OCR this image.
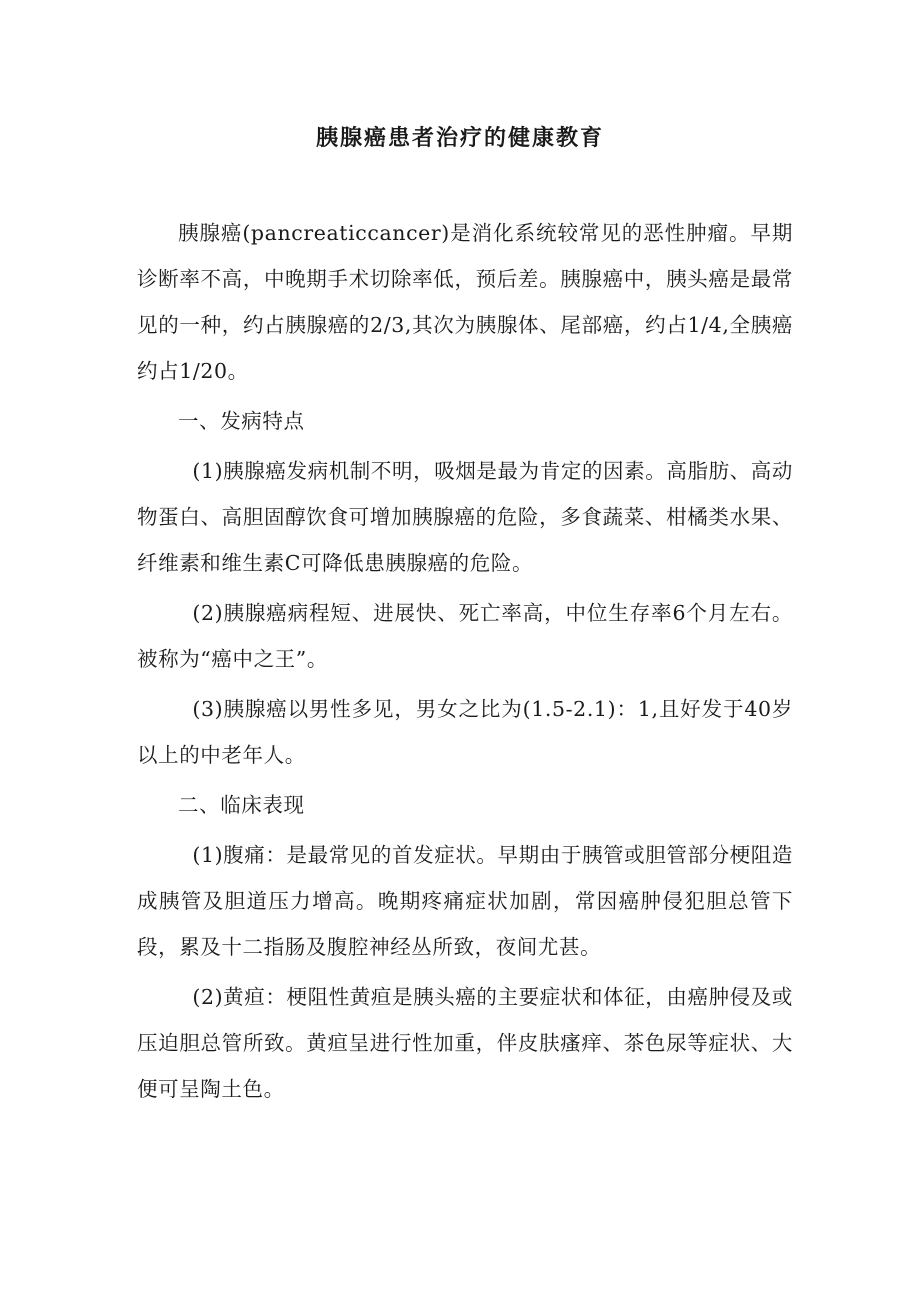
胰腺癌患者治疗的健康教育

胰腺癌(pancreaticcancer)是消化系统较常见的恶性肿瘤。早期诊断率不高，中晚期手术切除率低，预后差。胰腺癌中，胰头癌是最常见的一种，约占胰腺癌的2/3,其次为胰腺体、尾部癌，约占1/4,全胰癌约占1/20。

一、发病特点

(1)胰腺癌发病机制不明，吸烟是最为肯定的因素。高脂肪、高动物蛋白、高胆固醇饮食可增加胰腺癌的危险，多食蔬菜、柑橘类水果、纤维素和维生素C可降低患胰腺癌的危险。

(2)胰腺癌病程短、进展快、死亡率高，中位生存率6个月左右。被称为“癌中之王”。

(3)胰腺癌以男性多见，男女之比为(1.5-2.1)：1,且好发于40岁以上的中老年人。

二、临床表现

(1)腹痛：是最常见的首发症状。早期由于胰管或胆管部分梗阻造成胰管及胆道压力增高。晚期疼痛症状加剧，常因癌肿侵犯胆总管下段，累及十二指肠及腹腔神经丛所致，夜间尤甚。

(2)黄疸：梗阻性黄疸是胰头癌的主要症状和体征，由癌肿侵及或压迫胆总管所致。黄疸呈进行性加重，伴皮肤瘙痒、茶色尿等症状、大便可呈陶土色。
